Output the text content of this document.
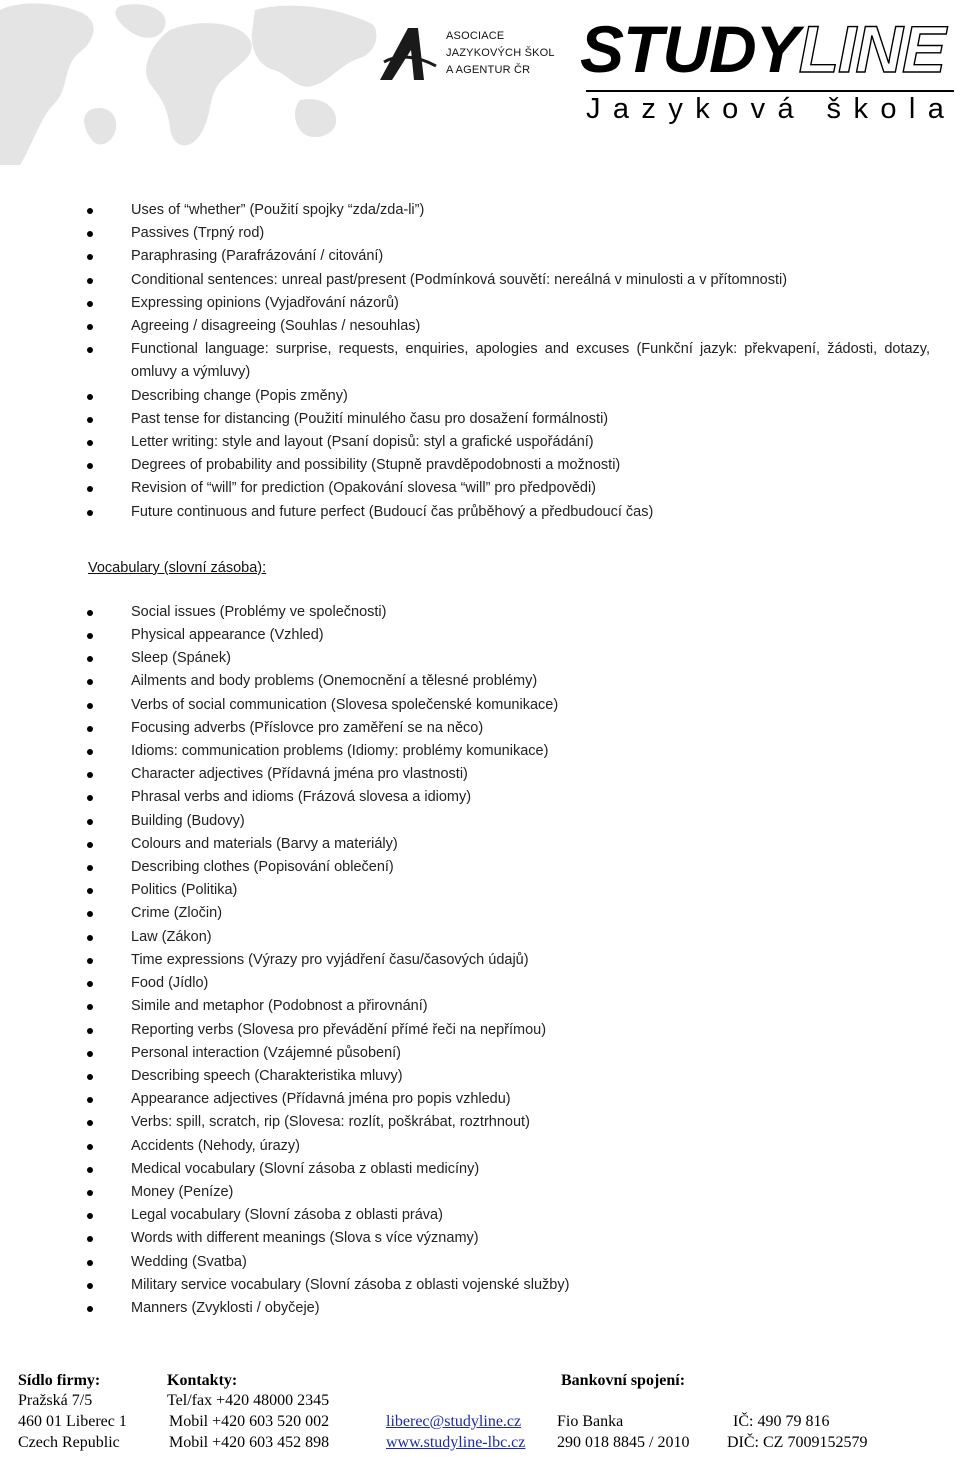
ASOCIACE
JAZYKOVÝCH ŠKOL
A AGENTUR ČR STUDYLINE
Jazyková škola
Uses of “whether” (Použití spojky “zda/zda-li”)
Passives (Trpný rod)
Paraphrasing (Parafrázování / citování)
Conditional sentences: unreal past/present (Podmínková souvětí: nereálná v minulosti a v přítomnosti)
Expressing opinions (Vyjadřování názorů)
Agreeing / disagreeing (Souhlas / nesouhlas)
Functional language: surprise, requests, enquiries, apologies and excuses (Funkční jazyk: překvapení, žádosti, dotazy, omluvy a výmluvy)
Describing change (Popis změny)
Past tense for distancing (Použití minulého času pro dosažení formálnosti)
Letter writing: style and layout (Psaní dopisů: styl a grafické uspořádání)
Degrees of probability and possibility (Stupně pravděpodobnosti a možnosti)
Revision of “will” for prediction (Opakování slovesa “will” pro předpovědi)
Future continuous and future perfect (Budoucí čas průběhový a předbudoucí čas)
Vocabulary (slovní zásoba):
Social issues (Problémy ve společnosti)
Physical appearance (Vzhled)
Sleep (Spánek)
Ailments and body problems (Onemocnění a tělesné problémy)
Verbs of social communication (Slovesa společenské komunikace)
Focusing adverbs (Příslovce pro zaměření se na něco)
Idioms: communication problems (Idiomy: problémy komunikace)
Character adjectives (Přídavná jména pro vlastnosti)
Phrasal verbs and idioms (Frázová slovesa a idiomy)
Building (Budovy)
Colours and materials (Barvy a materiály)
Describing clothes (Popisování oblečení)
Politics (Politika)
Crime (Zločin)
Law (Zákon)
Time expressions (Výrazy pro vyjádření času/časových údajů)
Food (Jídlo)
Simile and metaphor (Podobnost a přirovnání)
Reporting verbs (Slovesa pro převádění přímé řeči na nepřímou)
Personal interaction (Vzájemné působení)
Describing speech (Charakteristika mluvy)
Appearance adjectives (Přídavná jména pro popis vzhledu)
Verbs: spill, scratch, rip (Slovesa: rozlít, poškrábat, roztrhnout)
Accidents (Nehody, úrazy)
Medical vocabulary (Slovní zásoba z oblasti medicíny)
Money (Peníze)
Legal vocabulary (Slovní zásoba z oblasti práva)
Words with different meanings (Slova s více významy)
Wedding (Svatba)
Military service vocabulary (Slovní zásoba z oblasti vojenské služby)
Manners (Zvyklosti / obyčeje)
Sídlo firmy:
Pražská 7/5
460 01 Liberec 1
Czech Republic
Kontakty:
Tel/fax +420 48000 2345
Mobil +420 603 520 002
Mobil +420 603 452 898
liberec@studyline.cz
www.studyline-lbc.cz
Bankovní spojení:
Fio Banka
290 018 8845 / 2010
IČ: 490 79 816
DIČ: CZ 7009152579
